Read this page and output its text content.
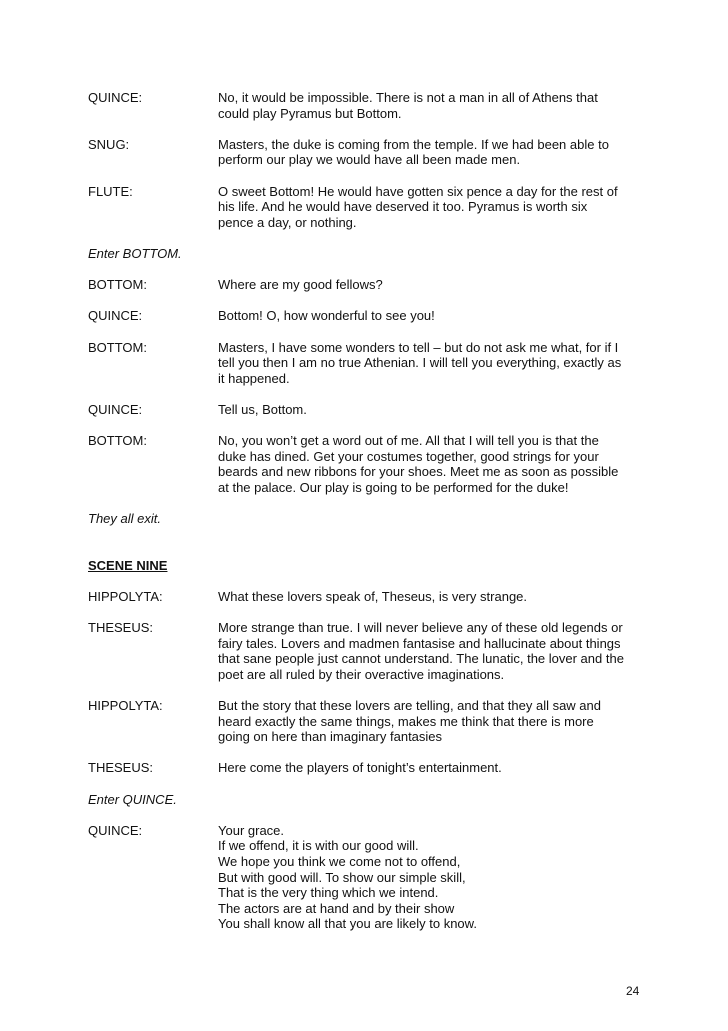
QUINCE:	No, it would be impossible. There is not a man in all of Athens that
could play Pyramus but Bottom.
SNUG:	Masters, the duke is coming from the temple. If we had been able to
perform our play we would have all been made men.
FLUTE:	O sweet Bottom! He would have gotten six pence a day for the rest of
his life. And he would have deserved it too. Pyramus is worth six
pence a day, or nothing.
Enter BOTTOM.
BOTTOM:	Where are my good fellows?
QUINCE:	Bottom! O, how wonderful to see you!
BOTTOM:	Masters, I have some wonders to tell – but do not ask me what, for if I
tell you then I am no true Athenian. I will tell you everything, exactly as
it happened.
QUINCE:	Tell us, Bottom.
BOTTOM:	No, you won’t get a word out of me. All that I will tell you is that the
duke has dined. Get your costumes together, good strings for your
beards and new ribbons for your shoes. Meet me as soon as possible
at the palace. Our play is going to be performed for the duke!
They all exit.
SCENE NINE
HIPPOLYTA:	What these lovers speak of, Theseus, is very strange.
THESEUS:	More strange than true. I will never believe any of these old legends or
fairy tales. Lovers and madmen fantasise and hallucinate about things
that sane people just cannot understand. The lunatic, the lover and the
poet are all ruled by their overactive imaginations.
HIPPOLYTA:	But the story that these lovers are telling, and that they all saw and
heard exactly the same things, makes me think that there is more
going on here than imaginary fantasies
THESEUS:	Here come the players of tonight’s entertainment.
Enter QUINCE.
QUINCE:	Your grace.
If we offend, it is with our good will.
We hope you think we come not to offend,
But with good will. To show our simple skill,
That is the very thing which we intend.
The actors are at hand and by their show
You shall know all that you are likely to know.
24
